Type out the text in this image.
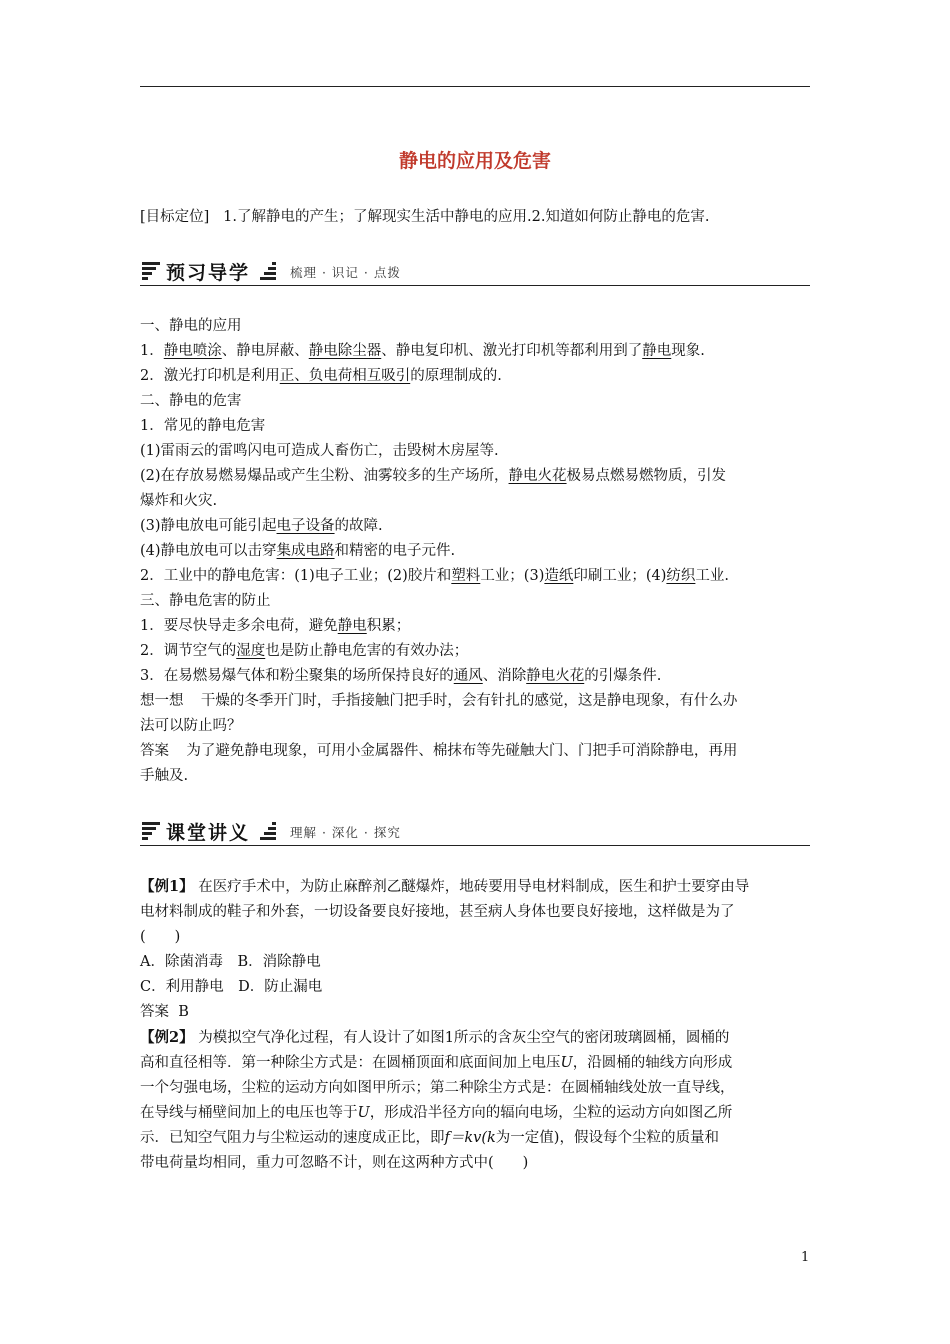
静电的应用及危害
[目标定位] 1.了解静电的产生；了解现实生活中静电的应用.2.知道如何防止静电的危害.
预习导学	梳理 · 识记 · 点拨
一、静电的应用
1．静电喷涂、静电屏蔽、静电除尘器、静电复印机、激光打印机等都利用到了静电现象.
2．激光打印机是利用正、负电荷相互吸引的原理制成的.
二、静电的危害
1．常见的静电危害
(1)雷雨云的雷鸣闪电可造成人畜伤亡，击毁树木房屋等.
(2)在存放易燃易爆品或产生尘粉、油雾较多的生产场所，静电火花极易点燃易燃物质，引发
爆炸和火灾.
(3)静电放电可能引起电子设备的故障.
(4)静电放电可以击穿集成电路和精密的电子元件.
2．工业中的静电危害：(1)电子工业；(2)胶片和塑料工业；(3)造纸印刷工业；(4)纺织工业.
三、静电危害的防止
1．要尽快导走多余电荷，避免静电积累；
2．调节空气的湿度也是防止静电危害的有效办法；
3．在易燃易爆气体和粉尘聚集的场所保持良好的通风、消除静电火花的引爆条件.
想一想 干燥的冬季开门时，手指接触门把手时，会有针扎的感觉，这是静电现象，有什么办
法可以防止吗？
答案 为了避免静电现象，可用小金属器件、棉抹布等先碰触大门、门把手可消除静电，再用
手触及.
课堂讲义	理解 · 深化 · 探究
【例1】 在医疗手术中，为防止麻醉剂乙醚爆炸，地砖要用导电材料制成，医生和护士要穿由导
电材料制成的鞋子和外套，一切设备要良好接地，甚至病人身体也要良好接地，这样做是为了
(　　)
A．除菌消毒　B．消除静电
C．利用静电　D．防止漏电
答案 B
【例2】 为模拟空气净化过程，有人设计了如图1所示的含灰尘空气的密闭玻璃圆桶，圆桶的
高和直径相等．第一种除尘方式是：在圆桶顶面和底面间加上电压U，沿圆桶的轴线方向形成
一个匀强电场，尘粒的运动方向如图甲所示；第二种除尘方式是：在圆桶轴线处放一直导线，
在导线与桶壁间加上的电压也等于U，形成沿半径方向的辐向电场，尘粒的运动方向如图乙所
示．已知空气阻力与尘粒运动的速度成正比，即f＝kv(k为一定值)，假设每个尘粒的质量和
带电荷量均相同，重力可忽略不计，则在这两种方式中(　　)
1
